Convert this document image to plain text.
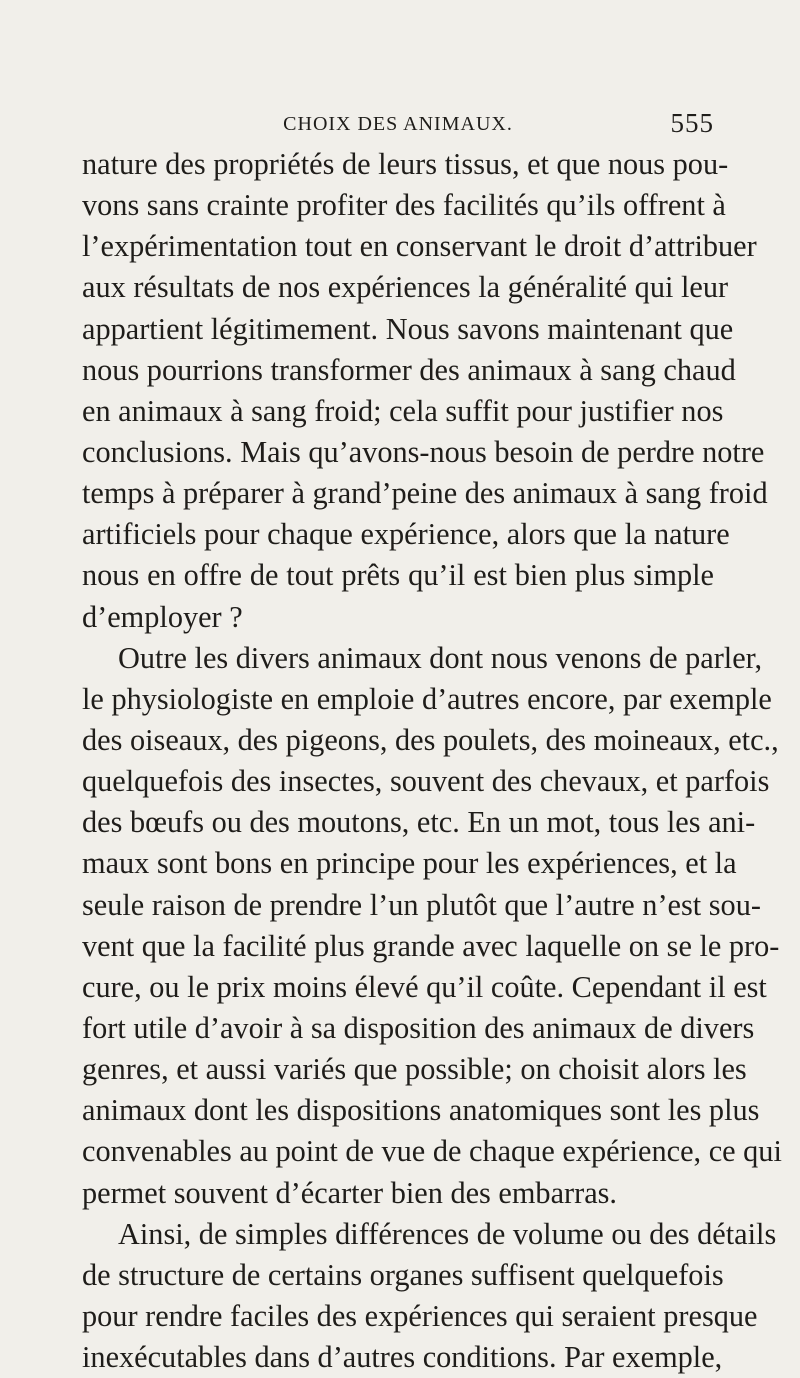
CHOIX DES ANIMAUX.	555
nature des propriétés de leurs tissus, et que nous pou-
vons sans crainte profiter des facilités qu’ils offrent à
l’expérimentation tout en conservant le droit d’attribuer
aux résultats de nos expériences la généralité qui leur
appartient légitimement. Nous savons maintenant que
nous pourrions transformer des animaux à sang chaud
en animaux à sang froid; cela suffit pour justifier nos
conclusions. Mais qu’avons-nous besoin de perdre notre
temps à préparer à grand’peine des animaux à sang froid
artificiels pour chaque expérience, alors que la nature
nous en offre de tout prêts qu’il est bien plus simple
d’employer ?
Outre les divers animaux dont nous venons de parler,
le physiologiste en emploie d’autres encore, par exemple
des oiseaux, des pigeons, des poulets, des moineaux, etc.,
quelquefois des insectes, souvent des chevaux, et parfois
des bœufs ou des moutons, etc. En un mot, tous les ani-
maux sont bons en principe pour les expériences, et la
seule raison de prendre l’un plutôt que l’autre n’est sou-
vent que la facilité plus grande avec laquelle on se le pro-
cure, ou le prix moins élevé qu’il coûte. Cependant il est
fort utile d’avoir à sa disposition des animaux de divers
genres, et aussi variés que possible; on choisit alors les
animaux dont les dispositions anatomiques sont les plus
convenables au point de vue de chaque expérience, ce qui
permet souvent d’écarter bien des embarras.
Ainsi, de simples différences de volume ou des détails
de structure de certains organes suffisent quelquefois
pour rendre faciles des expériences qui seraient presque
inexécutables dans d’autres conditions. Par exemple,
